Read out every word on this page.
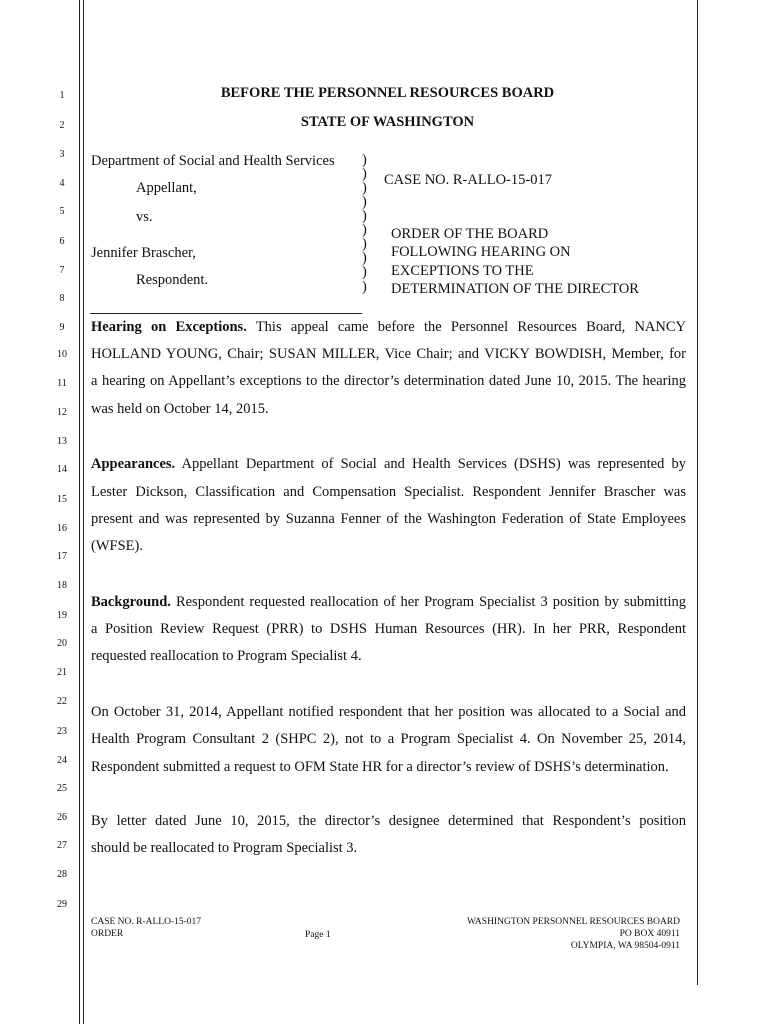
1
2
3
4
5
6
7
8
9
10
11
12
13
14
15
16
17
18
19
20
21
22
23
24
25
26
27
28
29
BEFORE THE PERSONNEL RESOURCES BOARD
STATE OF WASHINGTON
Department of Social and Health Services
Appellant,
vs.
Jennifer Brascher,
Respondent.
)
)
)
)
)
)
)
)
)
)
CASE NO. R-ALLO-15-017
ORDER OF THE BOARD
FOLLOWING HEARING ON
EXCEPTIONS TO THE
DETERMINATION OF THE DIRECTOR
Hearing on Exceptions. This appeal came before the Personnel Resources Board, NANCY
HOLLAND YOUNG, Chair; SUSAN MILLER, Vice Chair; and VICKY BOWDISH, Member, for
a hearing on Appellant’s exceptions to the director’s determination dated June 10, 2015. The hearing
was held on October 14, 2015.
Appearances. Appellant Department of Social and Health Services (DSHS) was represented by
Lester Dickson, Classification and Compensation Specialist. Respondent Jennifer Brascher was
present and was represented by Suzanna Fenner of the Washington Federation of State Employees
(WFSE).
Background. Respondent requested reallocation of her Program Specialist 3 position by submitting
a Position Review Request (PRR) to DSHS Human Resources (HR). In her PRR, Respondent
requested reallocation to Program Specialist 4.
On October 31, 2014, Appellant notified respondent that her position was allocated to a Social and
Health Program Consultant 2 (SHPC 2), not to a Program Specialist 4. On November 25, 2014,
Respondent submitted a request to OFM State HR for a director’s review of DSHS’s determination.
By letter dated June 10, 2015, the director’s designee determined that Respondent’s position
should be reallocated to Program Specialist 3.
CASE NO. R-ALLO-15-017
ORDER	Page 1
WASHINGTON PERSONNEL RESOURCES BOARD
PO BOX 40911
OLYMPIA, WA 98504-0911
